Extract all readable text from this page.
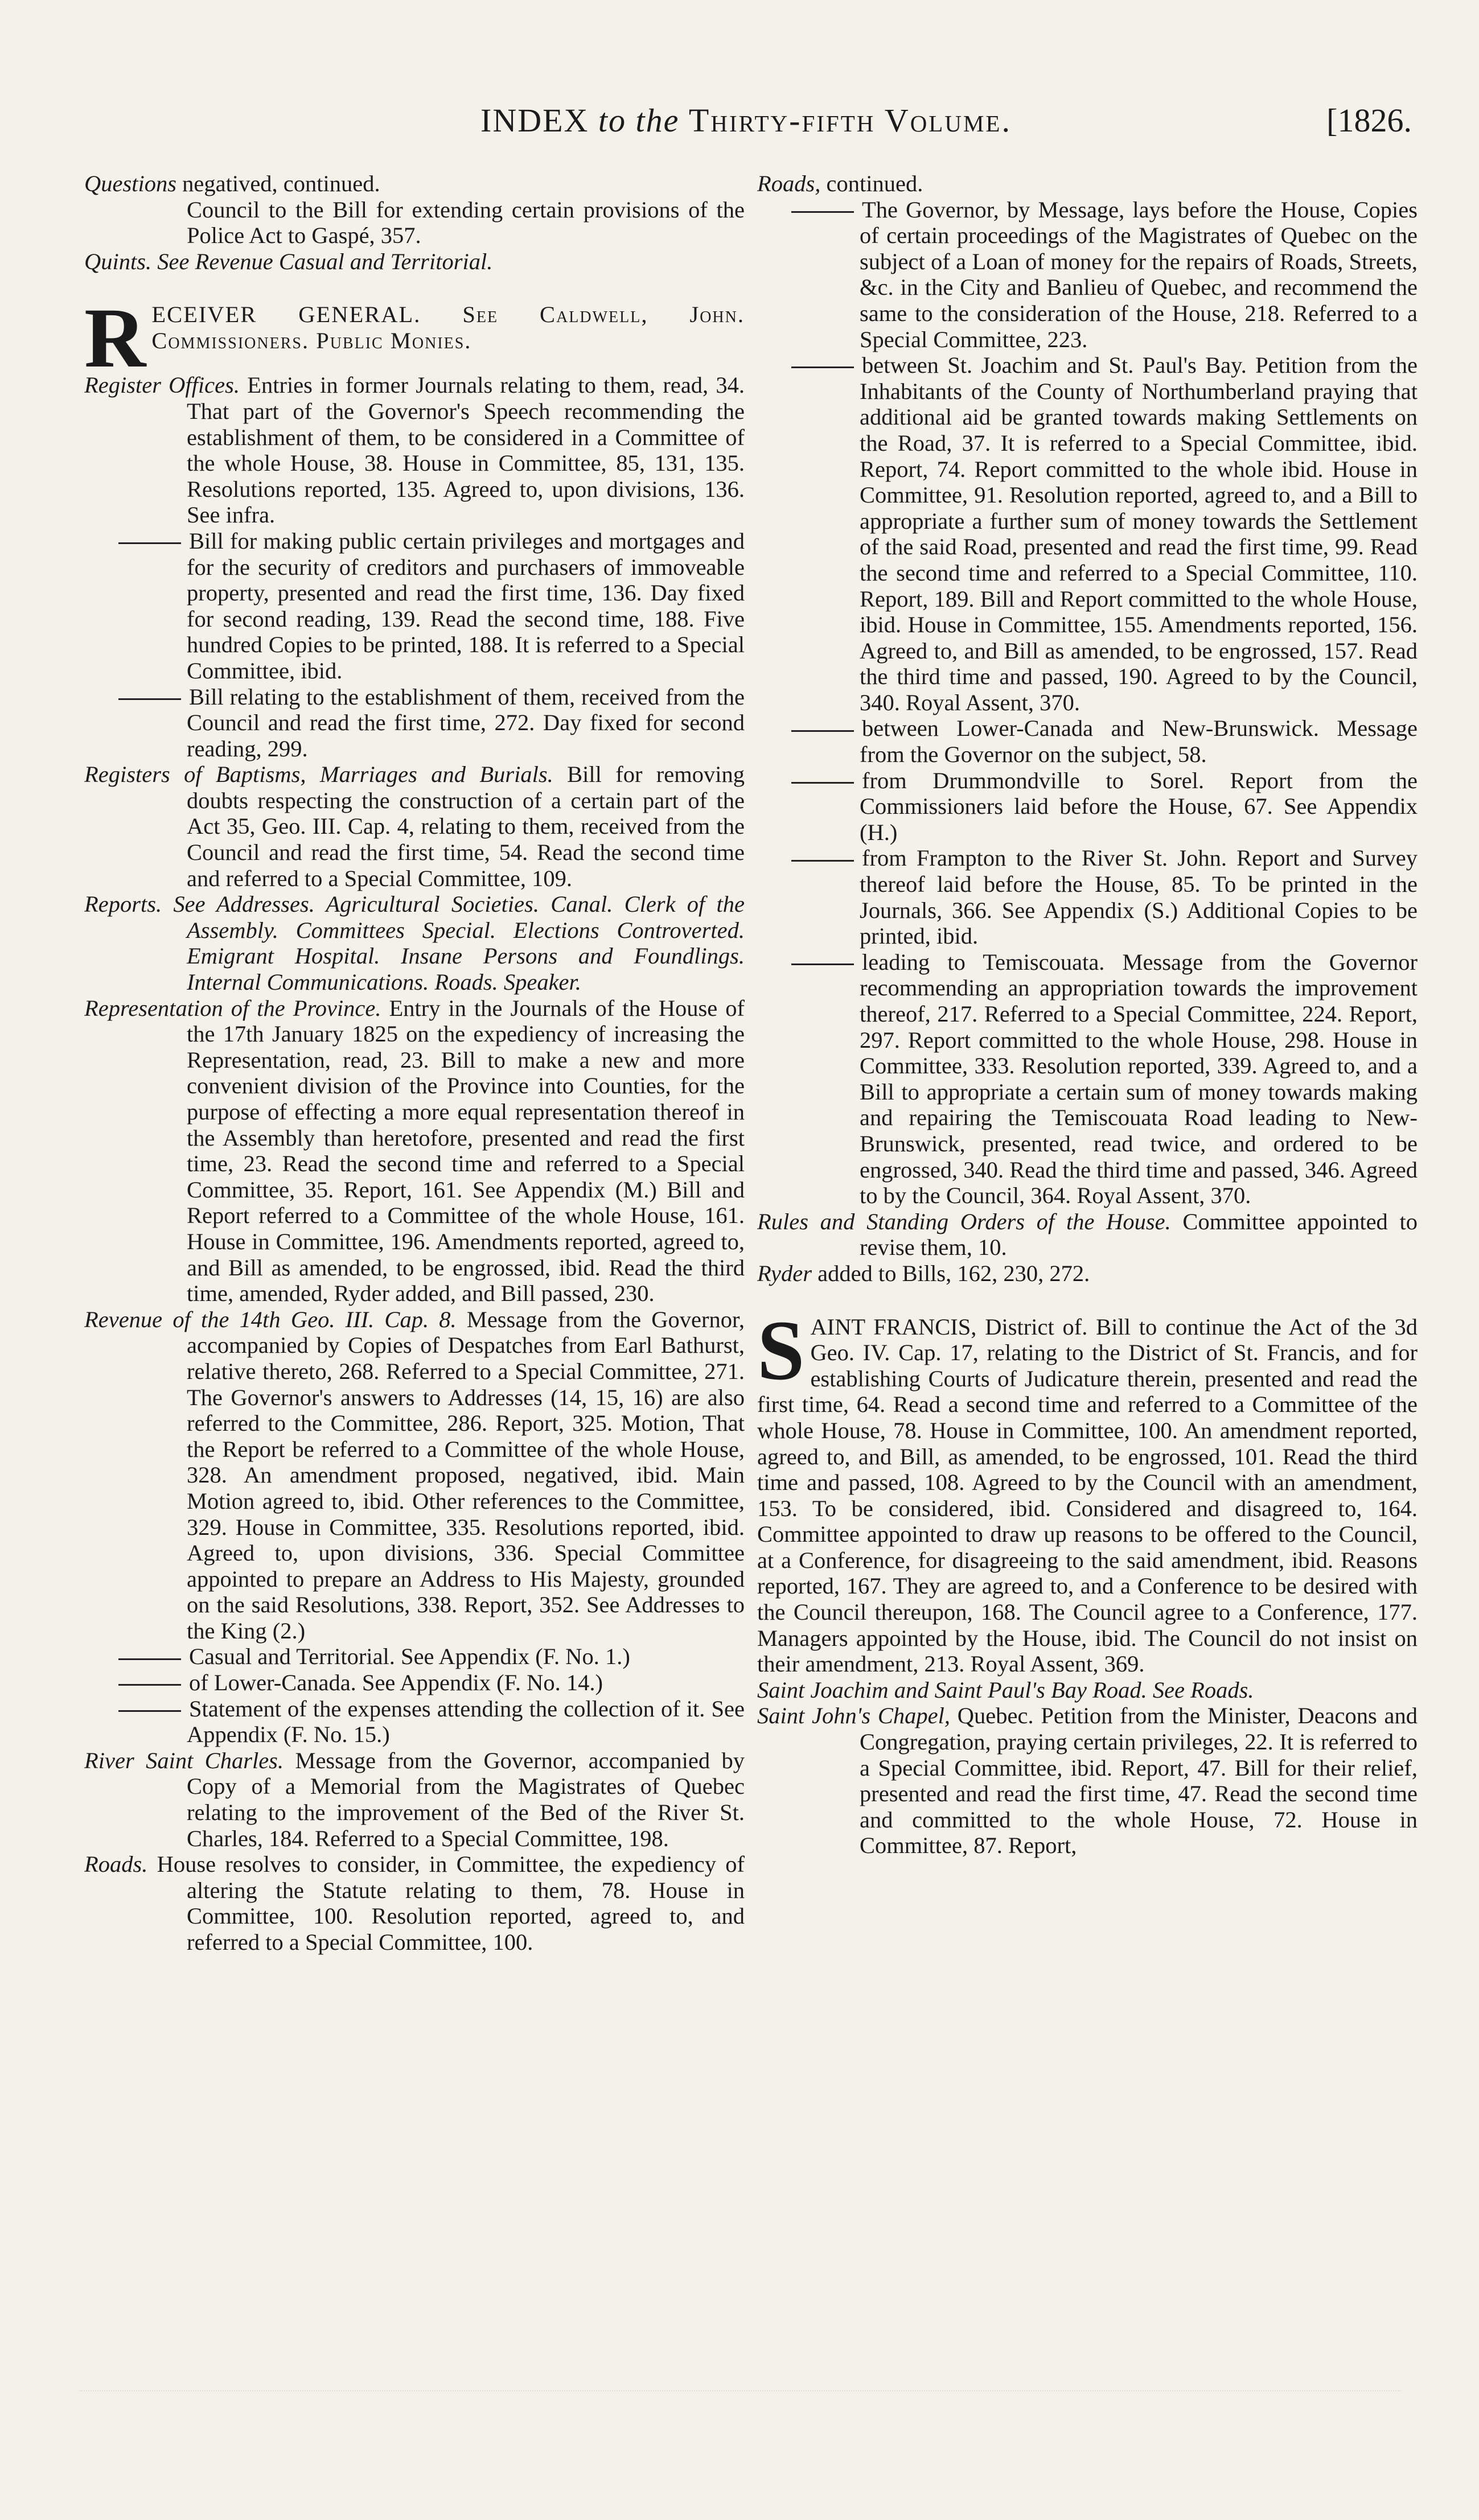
INDEX to the Thirty-fifth Volume.	[1826.
Questions negatived, continued.
Council to the Bill for extending certain provisions of the Police Act to Gaspé, 357.
Quints. See Revenue Casual and Territorial.
R ECEIVER GENERAL. See Caldwell, John. Commissioners. Public Monies.
Register Offices. Entries in former Journals relating to them, read, 34. That part of the Governor's Speech recommending the establishment of them, to be considered in a Committee of the whole House, 38. House in Committee, 85, 131, 135. Resolutions reported, 135. Agreed to, upon divisions, 136. See infra.
Bill for making public certain privileges and mortgages and for the security of creditors and purchasers of immoveable property, presented and read the first time, 136. Day fixed for second reading, 139. Read the second time, 188. Five hundred Copies to be printed, 188. It is referred to a Special Committee, ibid.
Bill relating to the establishment of them, received from the Council and read the first time, 272. Day fixed for second reading, 299.
Registers of Baptisms, Marriages and Burials. Bill for removing doubts respecting the construction of a certain part of the Act 35, Geo. III. Cap. 4, relating to them, received from the Council and read the first time, 54. Read the second time and referred to a Special Committee, 109.
Reports. See Addresses. Agricultural Societies. Canal. Clerk of the Assembly. Committees Special. Elections Controverted. Emigrant Hospital. Insane Persons and Foundlings. Internal Communications. Roads. Speaker.
Representation of the Province. Entry in the Journals of the House of the 17th January 1825 on the expediency of increasing the Representation, read, 23. Bill to make a new and more convenient division of the Province into Counties, for the purpose of effecting a more equal representation thereof in the Assembly than heretofore, presented and read the first time, 23. Read the second time and referred to a Special Committee, 35. Report, 161. See Appendix (M.) Bill and Report referred to a Committee of the whole House, 161. House in Committee, 196. Amendments reported, agreed to, and Bill as amended, to be engrossed, ibid. Read the third time, amended, Ryder added, and Bill passed, 230.
Revenue of the 14th Geo. III. Cap. 8. Message from the Governor, accompanied by Copies of Despatches from Earl Bathurst, relative thereto, 268. Referred to a Special Committee, 271. The Governor's answers to Addresses (14, 15, 16) are also referred to the Committee, 286. Report, 325. Motion, That the Report be referred to a Committee of the whole House, 328. An amendment proposed, negatived, ibid. Main Motion agreed to, ibid. Other references to the Committee, 329. House in Committee, 335. Resolutions reported, ibid. Agreed to, upon divisions, 336. Special Committee appointed to prepare an Address to His Majesty, grounded on the said Resolutions, 338. Report, 352. See Addresses to the King (2.)
Casual and Territorial. See Appendix (F. No. 1.)
of Lower-Canada. See Appendix (F. No. 14.)
Statement of the expenses attending the collection of it. See Appendix (F. No. 15.)
River Saint Charles. Message from the Governor, accompanied by Copy of a Memorial from the Magistrates of Quebec relating to the improvement of the Bed of the River St. Charles, 184. Referred to a Special Committee, 198.
Roads. House resolves to consider, in Committee, the expediency of altering the Statute relating to them, 78. House in Committee, 100. Resolution reported, agreed to, and referred to a Special Committee, 100.
Roads, continued.
The Governor, by Message, lays before the House, Copies of certain proceedings of the Magistrates of Quebec on the subject of a Loan of money for the repairs of Roads, Streets, &c. in the City and Banlieu of Quebec, and recommend the same to the consideration of the House, 218. Referred to a Special Committee, 223.
between St. Joachim and St. Paul's Bay. Petition from the Inhabitants of the County of Northumberland praying that additional aid be granted towards making Settlements on the Road, 37. It is referred to a Special Committee, ibid. Report, 74. Report committed to the whole ibid. House in Committee, 91. Resolution reported, agreed to, and a Bill to appropriate a further sum of money towards the Settlement of the said Road, presented and read the first time, 99. Read the second time and referred to a Special Committee, 110. Report, 189. Bill and Report committed to the whole House, ibid. House in Committee, 155. Amendments reported, 156. Agreed to, and Bill as amended, to be engrossed, 157. Read the third time and passed, 190. Agreed to by the Council, 340. Royal Assent, 370.
between Lower-Canada and New-Brunswick. Message from the Governor on the subject, 58.
from Drummondville to Sorel. Report from the Commissioners laid before the House, 67. See Appendix (H.)
from Frampton to the River St. John. Report and Survey thereof laid before the House, 85. To be printed in the Journals, 366. See Appendix (S.) Additional Copies to be printed, ibid.
leading to Temiscouata. Message from the Governor recommending an appropriation towards the improvement thereof, 217. Referred to a Special Committee, 224. Report, 297. Report committed to the whole House, 298. House in Committee, 333. Resolution reported, 339. Agreed to, and a Bill to appropriate a certain sum of money towards making and repairing the Temiscouata Road leading to New-Brunswick, presented, read twice, and ordered to be engrossed, 340. Read the third time and passed, 346. Agreed to by the Council, 364. Royal Assent, 370.
Rules and Standing Orders of the House. Committee appointed to revise them, 10.
Ryder added to Bills, 162, 230, 272.
S AINT FRANCIS, District of. Bill to continue the Act of the 3d Geo. IV. Cap. 17, relating to the District of St. Francis, and for establishing Courts of Judicature therein, presented and read the first time, 64. Read a second time and referred to a Committee of the whole House, 78. House in Committee, 100. An amendment reported, agreed to, and Bill, as amended, to be engrossed, 101. Read the third time and passed, 108. Agreed to by the Council with an amendment, 153. To be considered, ibid. Considered and disagreed to, 164. Committee appointed to draw up reasons to be offered to the Council, at a Conference, for disagreeing to the said amendment, ibid. Reasons reported, 167. They are agreed to, and a Conference to be desired with the Council thereupon, 168. The Council agree to a Conference, 177. Managers appointed by the House, ibid. The Council do not insist on their amendment, 213. Royal Assent, 369.
Saint Joachim and Saint Paul's Bay Road. See Roads.
Saint John's Chapel, Quebec. Petition from the Minister, Deacons and Congregation, praying certain privileges, 22. It is referred to a Special Committee, ibid. Report, 47. Bill for their relief, presented and read the first time, 47. Read the second time and committed to the whole House, 72. House in Committee, 87. Report,
